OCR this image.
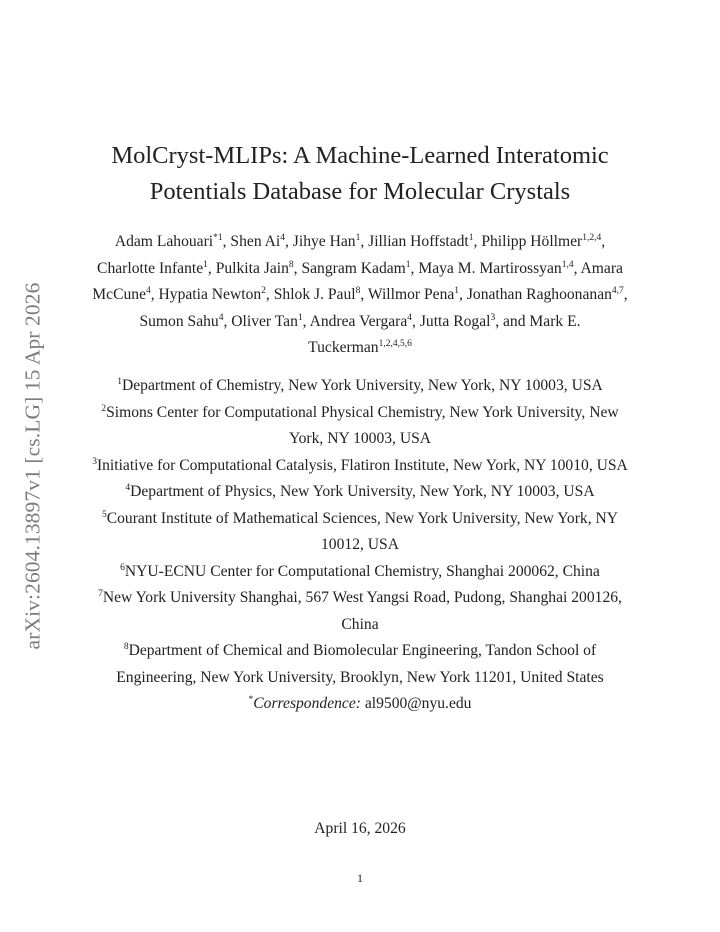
arXiv:2604.13897v1 [cs.LG] 15 Apr 2026
MolCryst-MLIPs: A Machine-Learned Interatomic
Potentials Database for Molecular Crystals

Adam Lahouari$^{*1}$, Shen Ai$^4$, Jihye Han$^1$, Jillian Hoffstadt$^1$, Philipp Höllmer$^{1,2,4}$, Charlotte Infante$^1$, Pulkita Jain$^8$, Sangram Kadam$^1$, Maya M. Martirossyan$^{1,4}$, Amara McCune$^4$, Hypatia Newton$^2$, Shlok J. Paul$^8$, Willmor Pena$^1$, Jonathan Raghoonanan$^{4,7}$, Sumon Sahu$^4$, Oliver Tan$^1$, Andrea Vergara$^4$, Jutta Rogal$^3$, and Mark E. Tuckerman$^{1,2,4,5,6}$

$^1$Department of Chemistry, New York University, New York, NY 10003, USA
$^2$Simons Center for Computational Physical Chemistry, New York University, New York, NY 10003, USA
$^3$Initiative for Computational Catalysis, Flatiron Institute, New York, NY 10010, USA
$^4$Department of Physics, New York University, New York, NY 10003, USA
$^5$Courant Institute of Mathematical Sciences, New York University, New York, NY 10012, USA
$^6$NYU-ECNU Center for Computational Chemistry, Shanghai 200062, China
$^7$New York University Shanghai, 567 West Yangsi Road, Pudong, Shanghai 200126, China
$^8$Department of Chemical and Biomolecular Engineering, Tandon School of Engineering, New York University, Brooklyn, New York 11201, United States
*Correspondence: al9500@nyu.edu
April 16, 2026
1
